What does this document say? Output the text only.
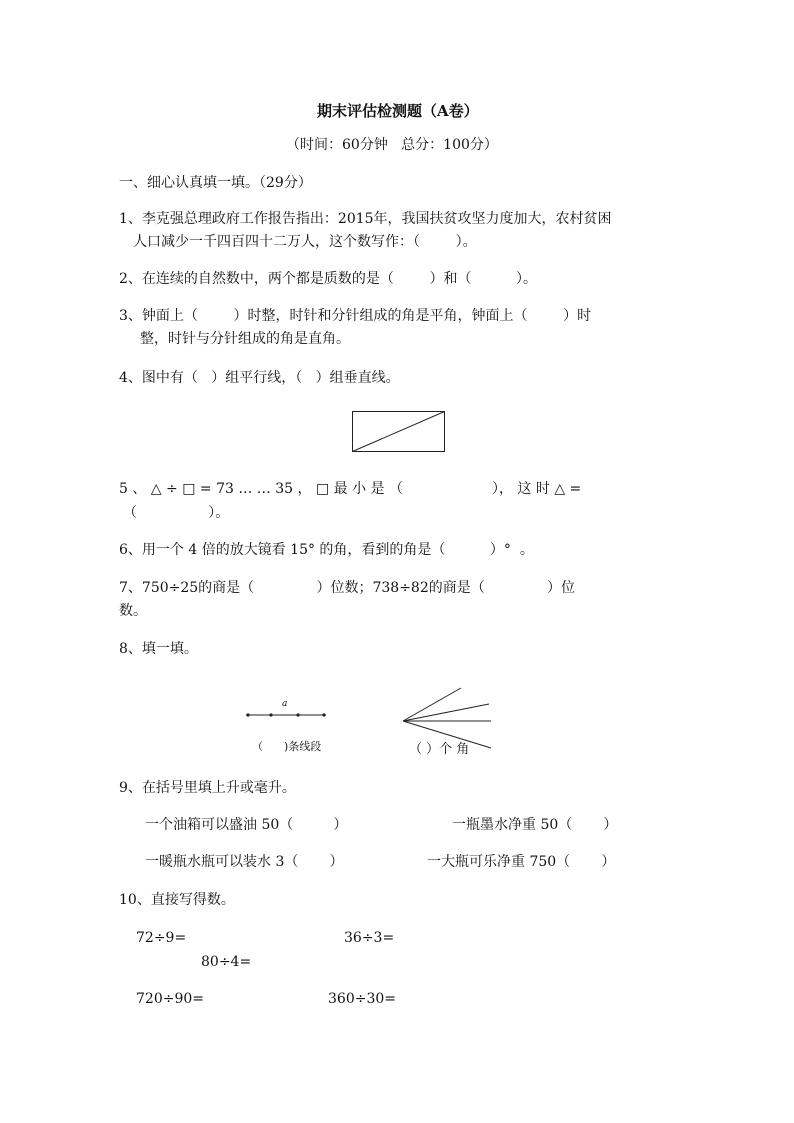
期末评估检测题（A卷）
（时间：60分钟   总分：100分）
一、细心认真填一填。（29分）
1、李克强总理政府工作报告指出：2015年，我国扶贫攻坚力度加大，农村贫困
人口减少一千四百四十二万人，这个数写作：（        ）。
2、在连续的自然数中，两个都是质数的是（        ）和（          ）。
3、钟面上（        ）时整，时针和分针组成的角是平角，钟面上（        ）时
整，时针与分针组成的角是直角。
4、图中有（   ）组平行线，（   ）组垂直线。
5 、 △ ÷ □ = 73 … … 35 ， □ 最 小 是 （                    ）， 这 时 △ =
（                ）。
6、用一个 4 倍的放大镜看 15° 的角，看到的角是（          ）°  。
7、750÷25的商是（              ）位数；738÷82的商是（              ）位
数。
8、填一填。
a
（      )条线段	（ ）个 角
9、在括号里填上升或毫升。
一个油箱可以盛油 50（         ）	一瓶墨水净重 50（       ）
一暖瓶水瓶可以装水 3（       ）	一大瓶可乐净重 750（       ）
10、直接写得数。
72÷9=	36÷3=
80÷4=
720÷90=	360÷30=
